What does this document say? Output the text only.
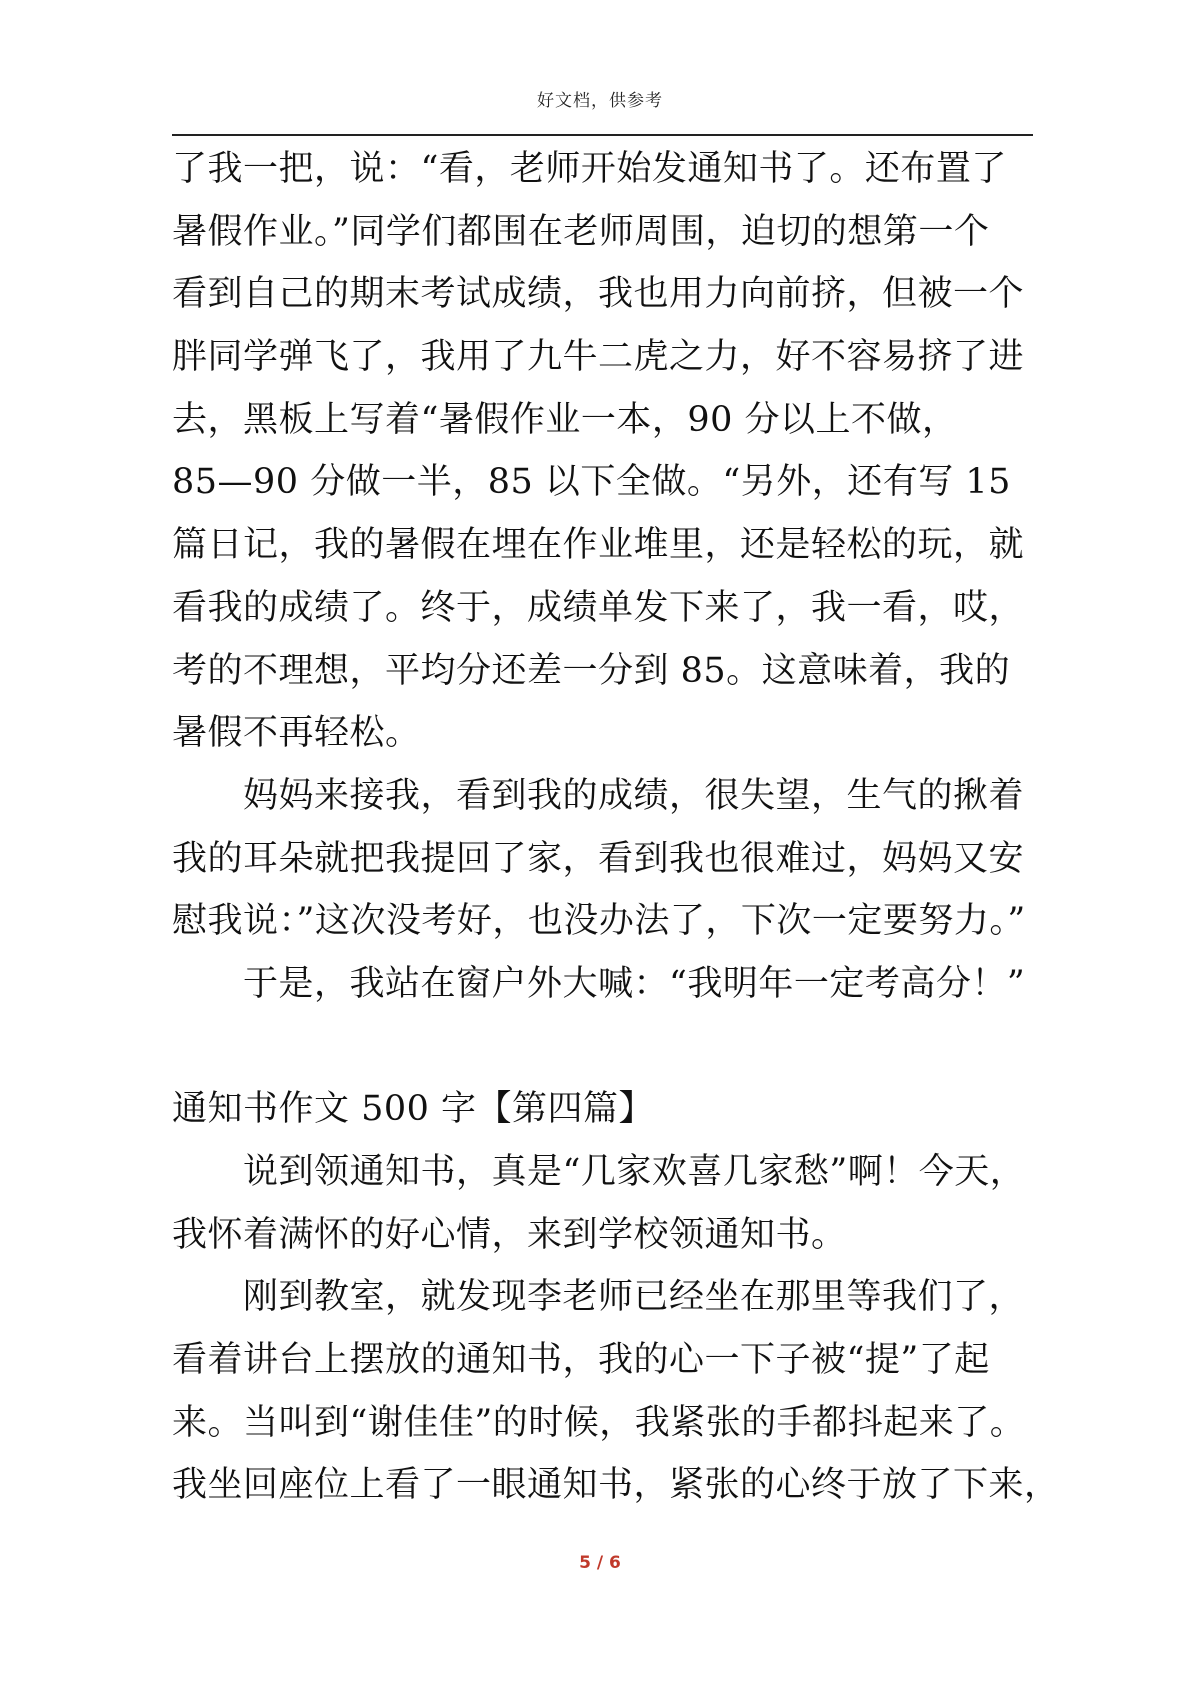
好文档，供参考
了我一把，说：“看，老师开始发通知书了。还布置了
暑假作业。”同学们都围在老师周围，迫切的想第一个
看到自己的期末考试成绩，我也用力向前挤，但被一个
胖同学弹飞了，我用了九牛二虎之力，好不容易挤了进
去，黑板上写着“暑假作业一本，90 分以上不做，
85—90 分做一半，85 以下全做。“另外，还有写 15
篇日记，我的暑假在埋在作业堆里，还是轻松的玩，就
看我的成绩了。终于，成绩单发下来了，我一看，哎，
考的不理想，平均分还差一分到 85。这意味着，我的
暑假不再轻松。
　　妈妈来接我，看到我的成绩，很失望，生气的揪着
我的耳朵就把我提回了家，看到我也很难过，妈妈又安
慰我说：”这次没考好，也没办法了，下次一定要努力。”
　　于是，我站在窗户外大喊：“我明年一定考高分！”
通知书作文 500 字【第四篇】
　　说到领通知书，真是“几家欢喜几家愁”啊！今天，
我怀着满怀的好心情，来到学校领通知书。
　　刚到教室，就发现李老师已经坐在那里等我们了，
看着讲台上摆放的通知书，我的心一下子被“提”了起
来。当叫到“谢佳佳”的时候，我紧张的手都抖起来了。
我坐回座位上看了一眼通知书，紧张的心终于放了下来，
5 / 6
